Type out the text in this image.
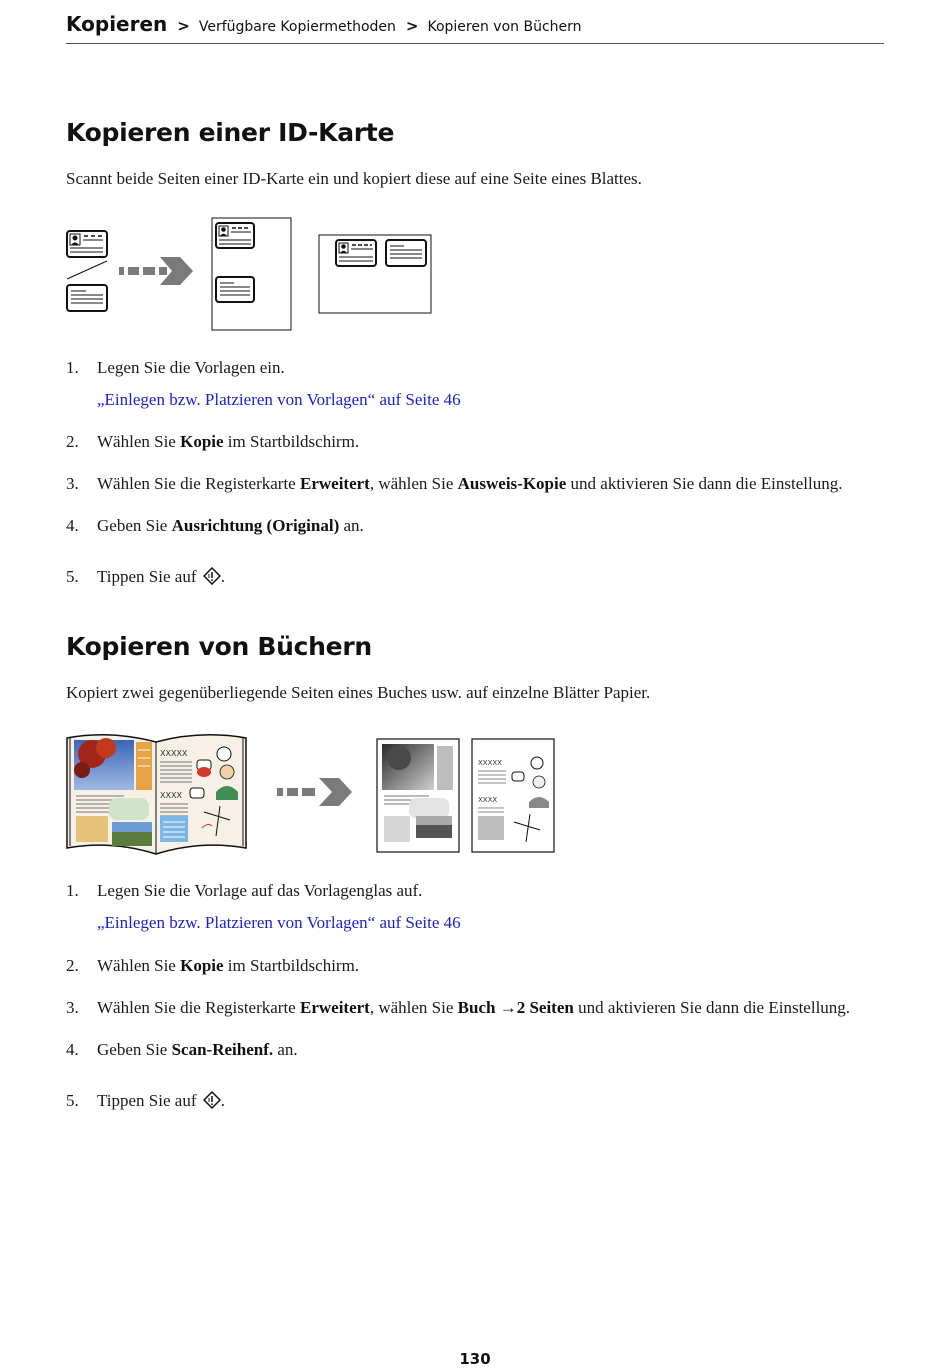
Kopieren > Verfügbare Kopiermethoden > Kopieren von Büchern
Kopieren einer ID-Karte
Scannt beide Seiten einer ID-Karte ein und kopiert diese auf eine Seite eines Blattes.
1.	Legen Sie die Vorlagen ein.
„Einlegen bzw. Platzieren von Vorlagen“ auf Seite 46
2.	Wählen Sie Kopie im Startbildschirm.
3.	Wählen Sie die Registerkarte Erweitert, wählen Sie Ausweis-Kopie und aktivieren Sie dann die Einstellung.
4.	Geben Sie Ausrichtung (Original) an.
5.	Tippen Sie auf .
Kopieren von Büchern
Kopiert zwei gegenüberliegende Seiten eines Buches usw. auf einzelne Blätter Papier.
XXXXX
XXXX
XXXXX
XXXX
1.	Legen Sie die Vorlage auf das Vorlagenglas auf.
„Einlegen bzw. Platzieren von Vorlagen“ auf Seite 46
2.	Wählen Sie Kopie im Startbildschirm.
3.	Wählen Sie die Registerkarte Erweitert, wählen Sie Buch →2 Seiten und aktivieren Sie dann die Einstellung.
4.	Geben Sie Scan-Reihenf. an.
5.	Tippen Sie auf .
130
